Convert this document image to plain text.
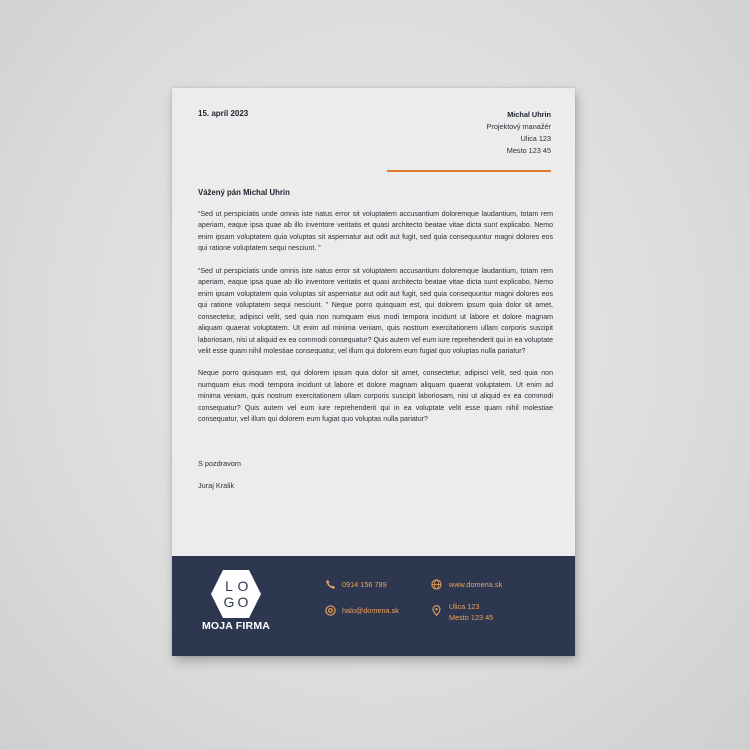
15. apríl 2023	Michal Uhrin
Projektový manažér
Ulica 123
Mesto 123 45
Vážený pán Michal Uhrin

“Sed ut perspiciatis unde omnis iste natus error sit voluptatem accusantium doloremque laudantium, totam rem aperiam, eaque ipsa quae ab illo inventore veritatis et quasi architecto beatae vitae dicta sunt explicabo. Nemo enim ipsam voluptatem quia voluptas sit aspernatur aut odit aut fugit, sed quia consequuntur magni dolores eos qui ratione voluptatem sequi nesciunt. ”

“Sed ut perspiciatis unde omnis iste natus error sit voluptatem accusantium doloremque laudantium, totam rem aperiam, eaque ipsa quae ab illo inventore veritatis et quasi architecto beatae vitae dicta sunt explicabo. Nemo enim ipsam voluptatem quia voluptas sit aspernatur aut odit aut fugit, sed quia consequuntur magni dolores eos qui ratione voluptatem sequi nesciunt. ” Neque porro quisquam est, qui dolorem ipsum quia dolor sit amet, consectetur, adipisci velit, sed quia non numquam eius modi tempora incidunt ut labore et dolore magnam aliquam quaerat voluptatem. Ut enim ad minima veniam, quis nostrum exercitationem ullam corporis suscipit laboriosam, nisi ut aliquid ex ea commodi consequatur? Quis autem vel eum iure reprehenderit qui in ea voluptate velit esse quam nihil molestiae consequatur, vel illum qui dolorem eum fugiat quo voluptas nulla pariatur?

Neque porro quisquam est, qui dolorem ipsum quia dolor sit amet, consectetur, adipisci velit, sed quia non numquam eius modi tempora incidunt ut labore et dolore magnam aliquam quaerat voluptatem. Ut enim ad minima veniam, quis nostrum exercitationem ullam corporis suscipit laboriosam, nisi ut aliquid ex ea commodi consequatur? Quis autem vel eum iure reprehenderit qui in ea voluptate velit esse quam nihil molestiae consequatur, vel illum qui dolorem eum fugiat quo voluptas nulla pariatur?

S pozdravom
Juraj Kralik
L O
G O
MOJA FIRMA
0914 156 789
halo@domena.sk
www.domena.sk
Ulica 123
Mesto 123 45
